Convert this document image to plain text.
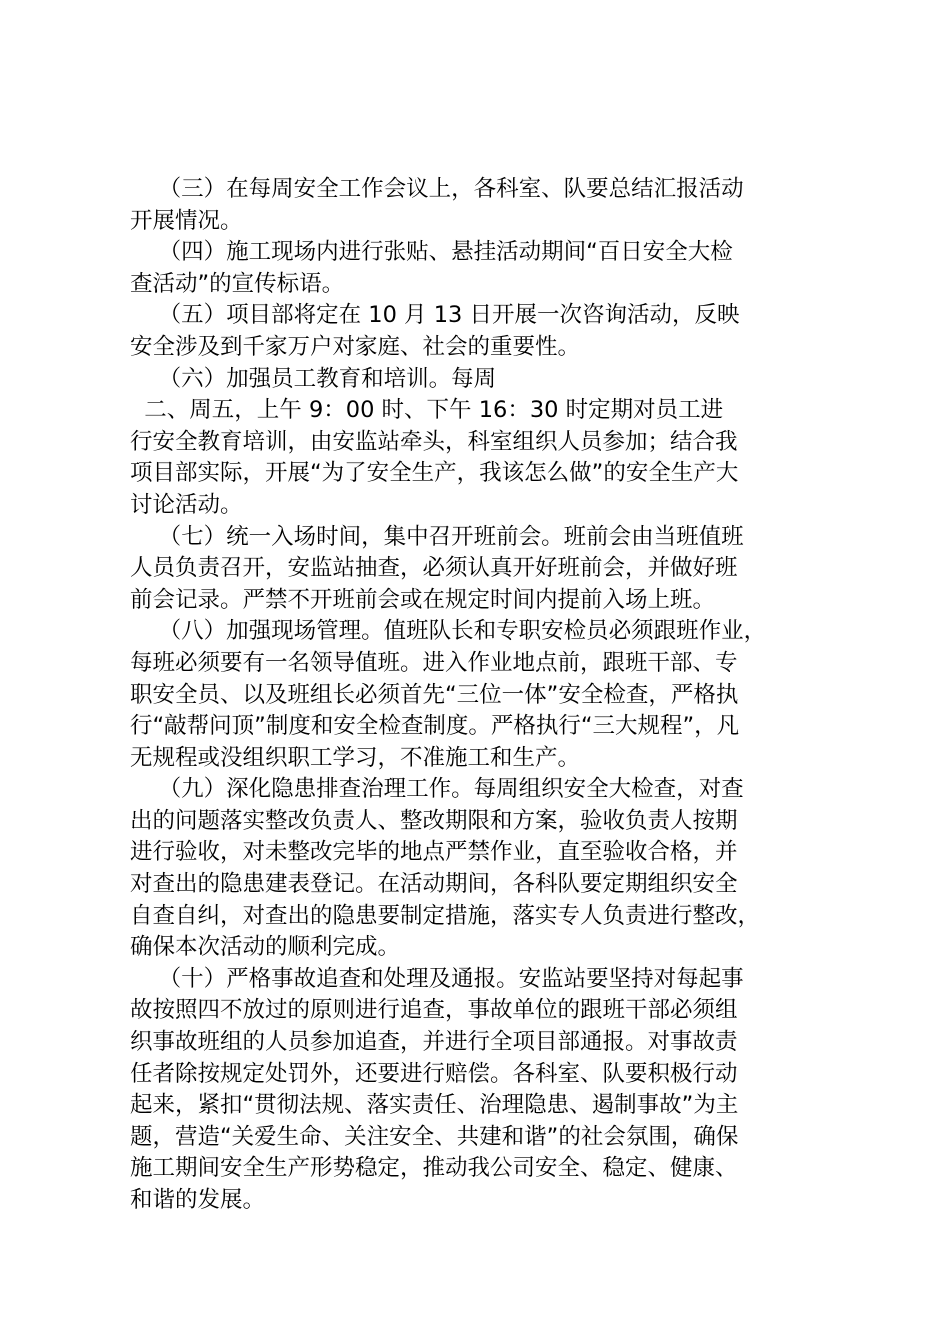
（三）在每周安全工作会议上，各科室、队要总结汇报活动

开展情况。

（四）施工现场内进行张贴、悬挂活动期间“百日安全大检

查活动”的宣传标语。

（五）项目部将定在 10 月 13 日开展一次咨询活动，反映

安全涉及到千家万户对家庭、社会的重要性。

（六）加强员工教育和培训。每周

二、周五，上午 9：00 时、下午 16：30 时定期对员工进

行安全教育培训，由安监站牵头，科室组织人员参加；结合我

项目部实际，开展“为了安全生产，我该怎么做”的安全生产大

讨论活动。

（七）统一入场时间，集中召开班前会。班前会由当班值班

人员负责召开，安监站抽查，必须认真开好班前会，并做好班

前会记录。严禁不开班前会或在规定时间内提前入场上班。

（八）加强现场管理。值班队长和专职安检员必须跟班作业，

每班必须要有一名领导值班。进入作业地点前，跟班干部、专

职安全员、以及班组长必须首先“三位一体”安全检查，严格执

行“敲帮问顶”制度和安全检查制度。严格执行“三大规程”，凡

无规程或没组织职工学习，不准施工和生产。

（九）深化隐患排查治理工作。每周组织安全大检查，对查

出的问题落实整改负责人、整改期限和方案，验收负责人按期

进行验收，对未整改完毕的地点严禁作业，直至验收合格，并

对查出的隐患建表登记。在活动期间，各科队要定期组织安全

自查自纠，对查出的隐患要制定措施，落实专人负责进行整改，

确保本次活动的顺利完成。

（十）严格事故追查和处理及通报。安监站要坚持对每起事

故按照四不放过的原则进行追查，事故单位的跟班干部必须组

织事故班组的人员参加追查，并进行全项目部通报。对事故责

任者除按规定处罚外，还要进行赔偿。各科室、队要积极行动

起来，紧扣“贯彻法规、落实责任、治理隐患、遏制事故”为主

题，营造“关爱生命、关注安全、共建和谐”的社会氛围，确保

施工期间安全生产形势稳定，推动我公司安全、稳定、健康、

和谐的发展。
